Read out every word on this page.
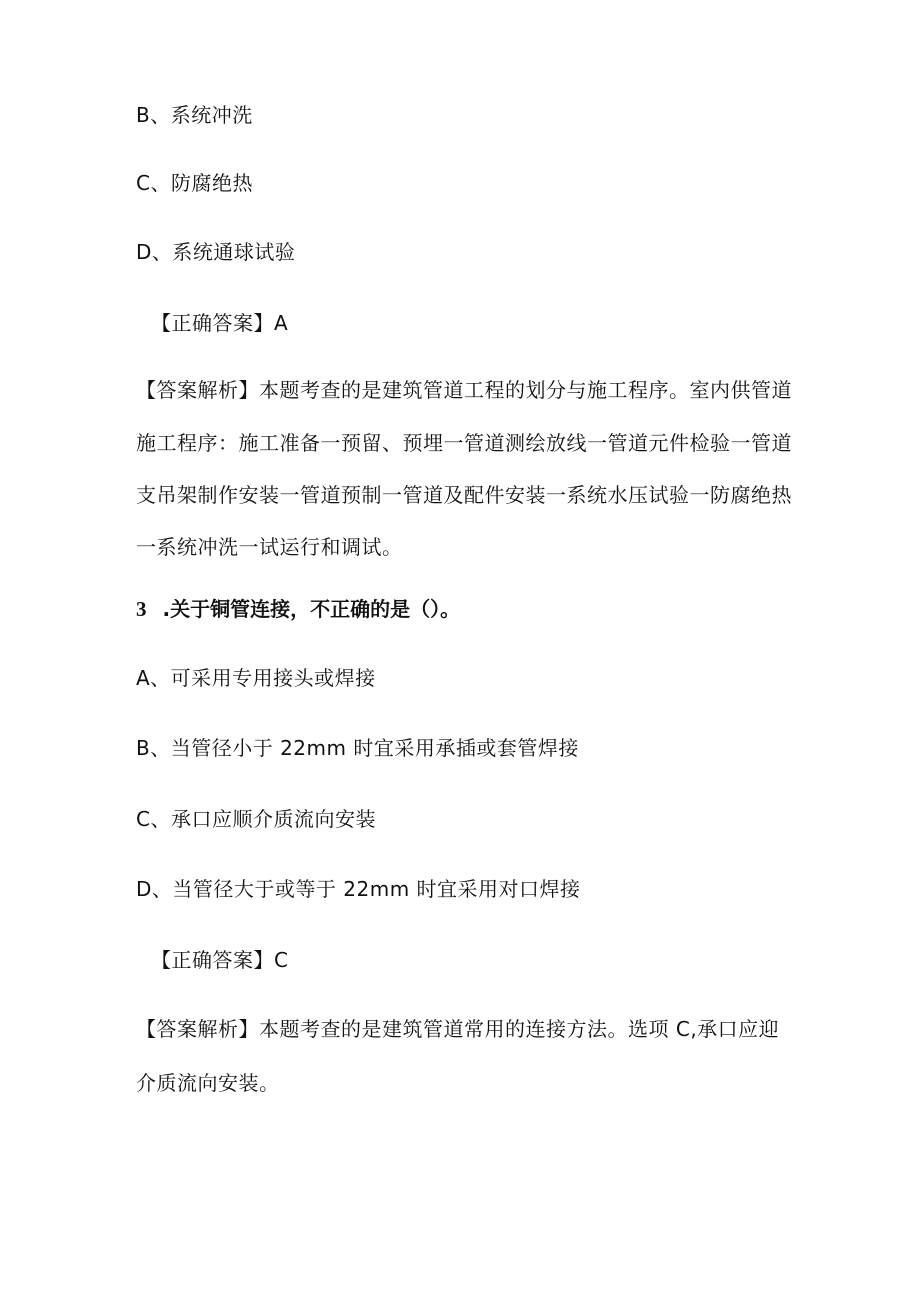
B、系统冲洗
C、防腐绝热
D、系统通球试验
【正确答案】A
【答案解析】本题考查的是建筑管道工程的划分与施工程序。室内供管道
施工程序：施工准备一预留、预埋一管道测绘放线一管道元件检验一管道
支吊架制作安装一管道预制一管道及配件安装一系统水压试验一防腐绝热
一系统冲洗一试运行和调试。
3 .关于铜管连接，不正确的是（）。
A、可采用专用接头或焊接
B、当管径小于 22mm 时宜采用承插或套管焊接
C、承口应顺介质流向安装
D、当管径大于或等于 22mm 时宜采用对口焊接
【正确答案】C
【答案解析】本题考查的是建筑管道常用的连接方法。选项 C,承口应迎
介质流向安装。
